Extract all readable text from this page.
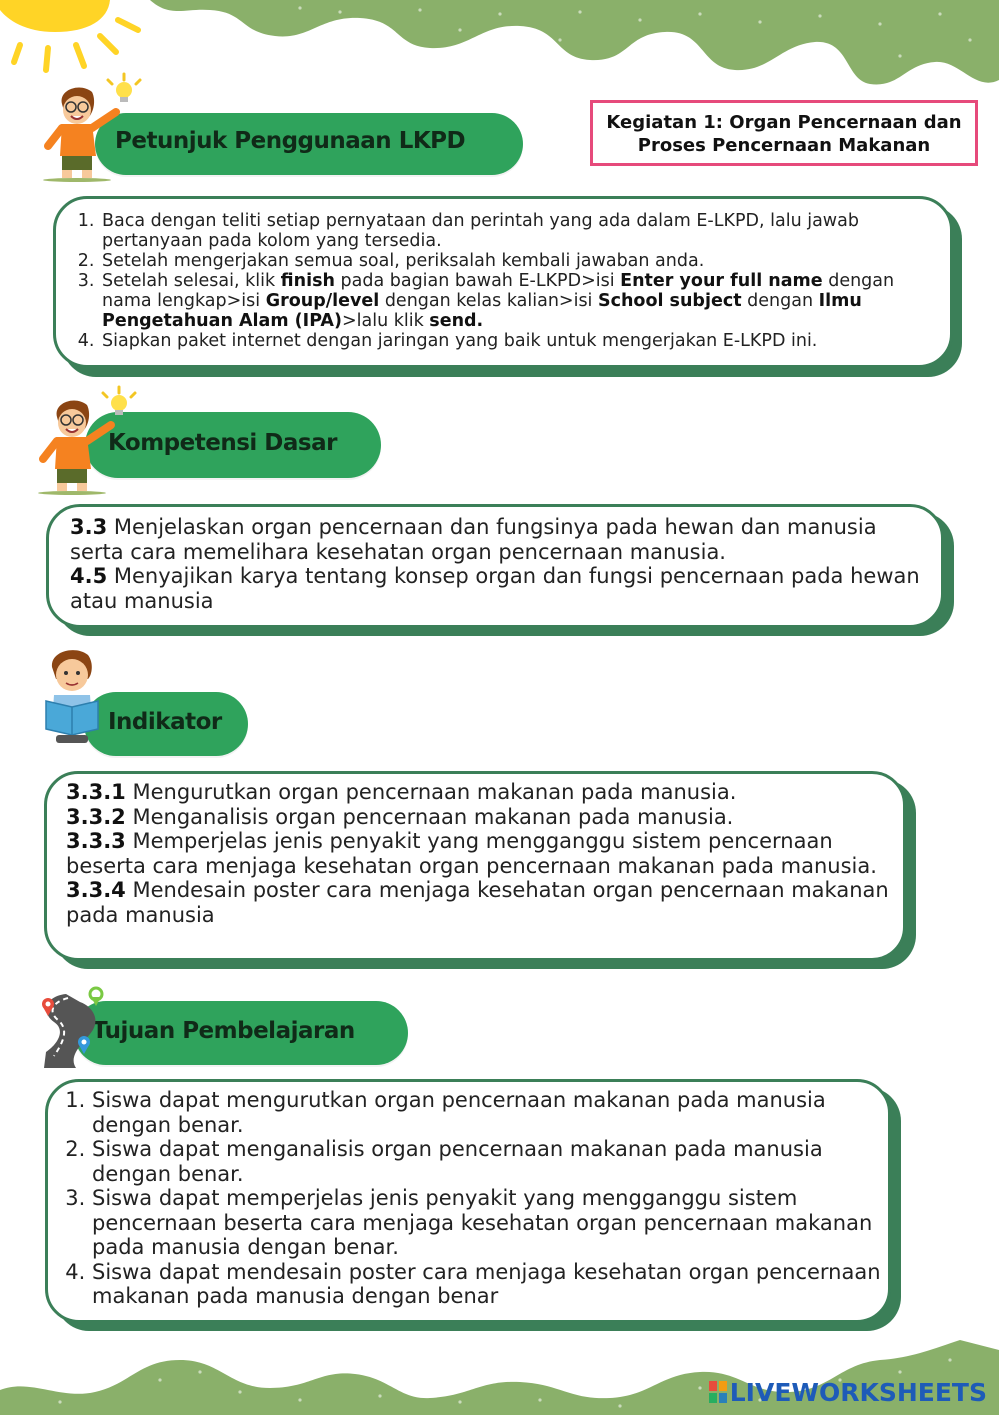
Kegiatan 1: Organ Pencernaan dan
Proses Pencernaan Makanan
Petunjuk Penggunaan LKPD
1. Baca dengan teliti setiap pernyataan dan perintah yang ada dalam E-LKPD, lalu jawab pertanyaan pada kolom yang tersedia.
2. Setelah mengerjakan semua soal, periksalah kembali jawaban anda.
3. Setelah selesai, klik finish pada bagian bawah E-LKPD>isi Enter your full name dengan nama lengkap>isi Group/level dengan kelas kalian>isi School subject dengan Ilmu Pengetahuan Alam (IPA)>lalu klik send.
4. Siapkan paket internet dengan jaringan yang baik untuk mengerjakan E-LKPD ini.
Kompetensi Dasar
3.3 Menjelaskan organ pencernaan dan fungsinya pada hewan dan manusia serta cara memelihara kesehatan organ pencernaan manusia.
4.5 Menyajikan karya tentang konsep organ dan fungsi pencernaan pada hewan atau manusia
Indikator
3.3.1 Mengurutkan organ pencernaan makanan pada manusia.
3.3.2 Menganalisis organ pencernaan makanan pada manusia.
3.3.3 Memperjelas jenis penyakit yang mengganggu sistem pencernaan beserta cara menjaga kesehatan organ pencernaan makanan pada manusia.
3.3.4 Mendesain poster cara menjaga kesehatan organ pencernaan makanan pada manusia
Tujuan Pembelajaran
1. Siswa dapat mengurutkan organ pencernaan makanan pada manusia dengan benar.
2. Siswa dapat menganalisis organ pencernaan makanan pada manusia dengan benar.
3. Siswa dapat memperjelas jenis penyakit yang mengganggu sistem pencernaan beserta cara menjaga kesehatan organ pencernaan makanan pada manusia dengan benar.
4. Siswa dapat mendesain poster cara menjaga kesehatan organ pencernaan makanan pada manusia dengan benar
LIVEWORKSHEETS
